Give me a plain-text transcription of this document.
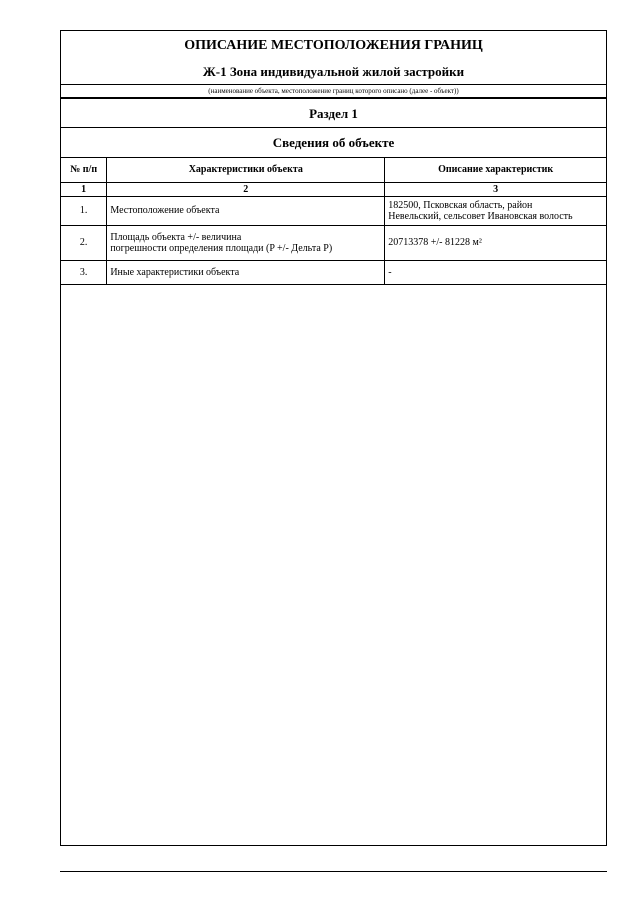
ОПИСАНИЕ МЕСТОПОЛОЖЕНИЯ ГРАНИЦ
Ж-1 Зона индивидуальной жилой застройки
(наименование объекта, местоположение границ которого описано (далее - объект))
Раздел 1
Сведения об объекте
№ п/п	Характеристики объекта	Описание характеристик
1	2	3
1.	Местоположение объекта	182500, Псковская область, район
Невельский, сельсовет Ивановская волость

2.	Площадь объекта +/- величина
погрешности определения площади (P +/- Дельта P)	20713378 +/- 81228 м²
3.	Иные характеристики объекта	-
